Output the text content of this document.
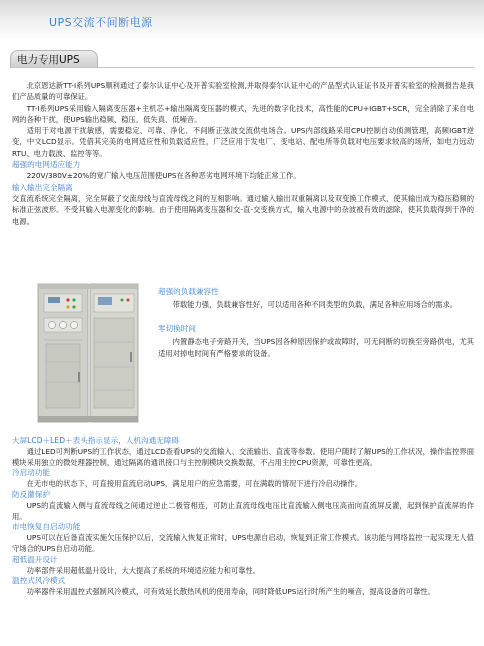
UPS交流不间断电源
电力专用UPS

北京恩达新TT-I系列UPS顺利通过了泰尔认证中心及开普实验室检测,并取得泰尔认证中心的产品型式认证证书及开普实验室的检测报告是我们产品质量的可靠保证。

TT-I系列UPS采用输入隔离变压器+主机芯+输出隔离变压器的模式，先进的数字化技术，高性能的CPU+IGBT+SCR，完全消除了来自电网的各种干扰，使UPS输出稳频、稳压，低失真、低噪音。

适用于对电源干扰敏感，需要稳定、可靠、净化、不间断正弦波交流供电场合。UPS内部线路采用CPU控制自动侦测管理，高频IGBT逆变，中文LCD显示。凭借其完美的电网适应性和负载适应性，广泛应用于发电厂、变电站、配电所等负载对电压要求较高的场所，如电力远动RTU、电力载波、监控等等。

超强的电网适应能力

220V/380V±20%的宽广输入电压范围使UPS在各种恶劣电网环境下均能正常工作。

输入输出完全隔离

交直流系统完全隔离，完全屏蔽了交流母线与直流母线之间的互相影响。通过输入输出双重隔离以及双变换工作模式，使其输出成为稳压稳频的标准正弦波形。不受其输入电源变化的影响。由于使用隔离变压器和交-直-交变换方式，输入电源中的杂波被有效的滤除，使其负载得到干净的电源。

超强的负载兼容性

带载能力强，负载兼容性好，可以适用各种不同类型的负载，满足各种应用场合的需求。

零切换时间

内置静态电子旁路开关，当UPS因各种原因保护或故障时，可无间断的切换至旁路供电，尤其适用对掉电时间有严格要求的设备。

大屏LCD＋LED＋表头指示显示，人机沟通无障碍

通过LED可判断UPS的工作状态，通过LCD查看UPS的交流输入、交流输出、直流等参数。使用户随时了解UPS的工作状况，操作监控界面模块采用独立的微处理器控制，通过隔离的通讯接口与主控制模块交换数据，不占用主控CPU资源，可靠性更高。

冷启动功能

在无市电的状态下，可直接用直流启动UPS，满足用户的应急需要，可在满载的情况下进行冷启动操作。

防反灌保护

UPS的直流输入侧与直流母线之间通过逆止二极管相连，可防止直流母线电压比直流输入侧电压高而向直流屏反灌，起到保护直流屏的作用。

市电恢复自启动功能

UPS可以在后备直流实施欠压保护以后，交流输入恢复正常时，UPS电源自启动，恢复到正常工作模式。该功能与网络监控一起实现无人值守场合的UPS自启动功能。

超低温升设计

功率部件采用超低温升设计，大大提高了系统的环境适应能力和可靠性。

温控式风冷模式

功率器件采用温控式强制风冷模式，可有效延长散热风机的使用寿命，同时降低UPS运行时所产生的噪音，提高设备的可靠性。
